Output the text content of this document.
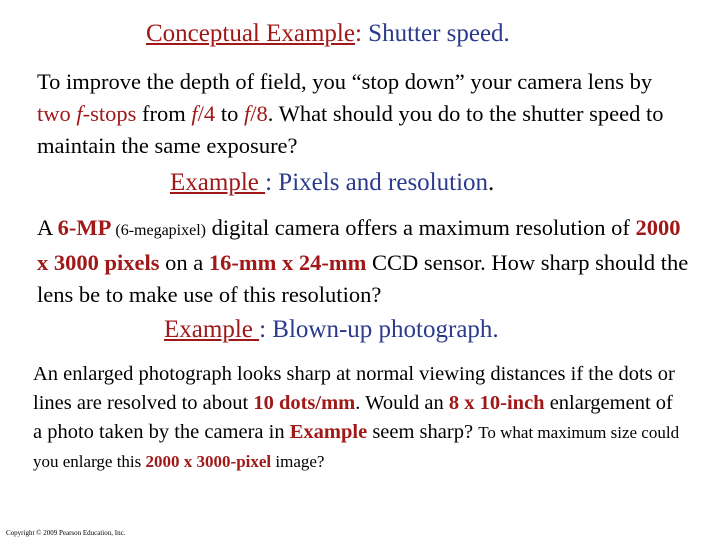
Conceptual Example: Shutter speed.
To improve the depth of field, you “stop down” your camera lens by two f-stops from f/4 to f/8. What should you do to the shutter speed to maintain the same exposure?
Example : Pixels and resolution.
A 6-MP (6-megapixel) digital camera offers a maximum resolution of 2000 x 3000 pixels on a 16-mm x 24-mm CCD sensor. How sharp should the lens be to make use of this resolution?
Example : Blown-up photograph.
An enlarged photograph looks sharp at normal viewing distances if the dots or lines are resolved to about 10 dots/mm. Would an 8 x 10-inch enlargement of a photo taken by the camera in Example seem sharp? To what maximum size could you enlarge this 2000 x 3000-pixel image?
Copyright © 2009 Pearson Education, Inc.
